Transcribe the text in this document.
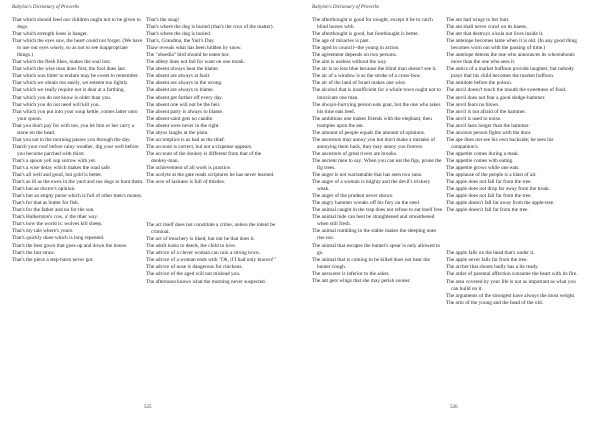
Babylon's Dictionary of Proverbs

That which should feed our children ought not to be given to dogs.

That which strength loses is hanger.

That which the eyes saw, the heart could not forget. (We have to use our eyes wisely, so as not to see inappropriate things.)

That which the flesh likes, makes the soul lost.

That which the wise man does first, the fool does last.

That which was bitter to endure may be sweet to remember.

That which we obtain too easily, we esteem too lightly.

That which we really require not is dear at a farthing.

That which you do not know is older than you.

That which you do not need will kill you.

That which you put into your soup kettle, comes latter onto your spoon.

That you don't pay for with toe, you let him or her carry a stone on the head.

That you eat in the morning passes you through the day.

Thatch your roof before rainy weather, dig your well before you become parched with thirst.

That's a spoon yell sup sorrow with yet.

That's a wise delay which makes the road safe.

That's all well and good, but gold is better.

That's as ill as the ewes in the yard and rue dogs to hunt them.

That's but ae doctor's opinion.

That's but an empty purse which is full of other men's money.

That's for that as butter for fish.

That's for the father and no for the son.

That's Halkerston's cow, a' the ither way.

That's how the world is: wolves kill sheep.

That's my tale where's yours.

That's quickly done which is long repented.

That's the best gown that goes up and down the house.

That's the last straw.

That's the piece a step-bairn never got.

That's the snag!

That's where the dog is buried (that's the crux of the matter).

That's where the dog is buried.

That's, Grandma, the Yuri's Day.

Thaw reveals what has been hidden by snow.

The "obsedia" bird should be eaten hot.

The abbey does not fail for want on one monk.

The absent always bear the blame.

The absent are always at fault.

The absent are always in the wrong.

The absent are always to blame.

The absent get farther off every day.

The absent one will not be the heir.

The absent party is always to blame.

The absent saint gets no candle.

The absent were never in the right.

The abyss laughs at the plain.

The accomplice is as bad as the thief.

The account is correct, but not a sixpense appears.

The account of the donkey is different from that of the donkey-man.

The achievement of all work is practice.

The acolyte at the gate reads scriptures he has never learned.

The acre of laziness is full of thistles.

The act itself does not constitute a crime, unless the intent be criminal.

The act of treachery is liked, but not he that does it.

The adult looks to deeds, the child to love.

The advice of a clever woman can ruin a strong town.

The advice of a woman ends with "Oh, if I had only known!"

The advice of nose is dangerous for chickens.

The advice of the aged will not mislead you.

The afternoon knows what the morning never suspected.

525
Babylon's Dictionary of Proverbs

The afterthought is good for nought, except it be to catch blind horses with.

The afterthought is good, but forethought is better.

The age of miracles is past.

The aged in council--the young in action.

The agreement depends on two persons.

The aim is useless without the way.

The air is no less blue because the blind man doesn't see it.

The air of a window is as the stroke of a cross-bow.

The air of the land of Israel makes one wise.

The alcohol that is insufficient for a whole town ought not to intoxicate one man.

The always-hurrying person eats goat, but the one who takes his time eats beef.

The ambitious one makes friends with the elephant, then tramples upon the ant.

The amount of people equals the amount of opinions.

The ancestors may annoy you but don't make a mistake of annoying them back, they may annoy you forever.

The ancestors of great rivers are brooks.

The ancient men to say: When you can eat the figs, prune the fig trees.

The anger is not warrantable that has seen two suns.

The anger of a woman is mighty and the devil's trickery weak.

The anger of the prudent never shows.

The angry hammer wreaks off his fury on the steel.

The animal caught in the trap does not refuse to eat itself free.

The animal hide can best be straightened and smoothened when still fresh.

The animal rumbling in the stable makes the sleeping ones rise too.

The animal that escapes the hunter's spear is only allowed to go.

The animal that is coming to be killed does not hear the hunter cough.

The answerer is inferior to the asker.

The ant gets wings that she may perish sooner.

The ant had wings to her hurt.

The ant shall never crawl on its knees.

The ant that destroys a kola nut lives inside it.

The antelope becomes lame when it is old. (In any good thing becomes worn out with the passing of time.)

The antelope detests the one who announces its whereabouts more than the one who sees it.

The antics of a market buffoon provide laughter, but nobody prays that his child becomes the market buffoon.

The antidote before the poison.

The anvil doesn't touch the mouth the sweetness of food.

The anvil does not fear a good sledge-hammer.

The anvil fears no blows.

The anvil is not afraid of the hammer.

The anvil is used to noise.

The anvil lasts longer than the hammer.

The anxious person fights with the door.

The ape does not see his own backside; he sees his companion's.

The appetite comes during a meal.

The appetite comes with eating.

The appetite grows while one eats.

The applause of the people is a blast of air.

The apple does not fall far from the tree.

The apple does not drop far away from the trunk.

The apple does not fall far from the tree.

The apple doesn't fall far away from the apple-tree.

The apple doesn't fall far from the tree.

The apple falls on the head that's under it.

The apple never falls far from the tree.

The archer that shoots badly has a lie ready.

The arder of parental affection consume the heart with its fire.

The area covered by your life is not as important as what you can build on it.

The arguments of the strongest have always the most weight.

The arm of the young and the head of the old.

526
